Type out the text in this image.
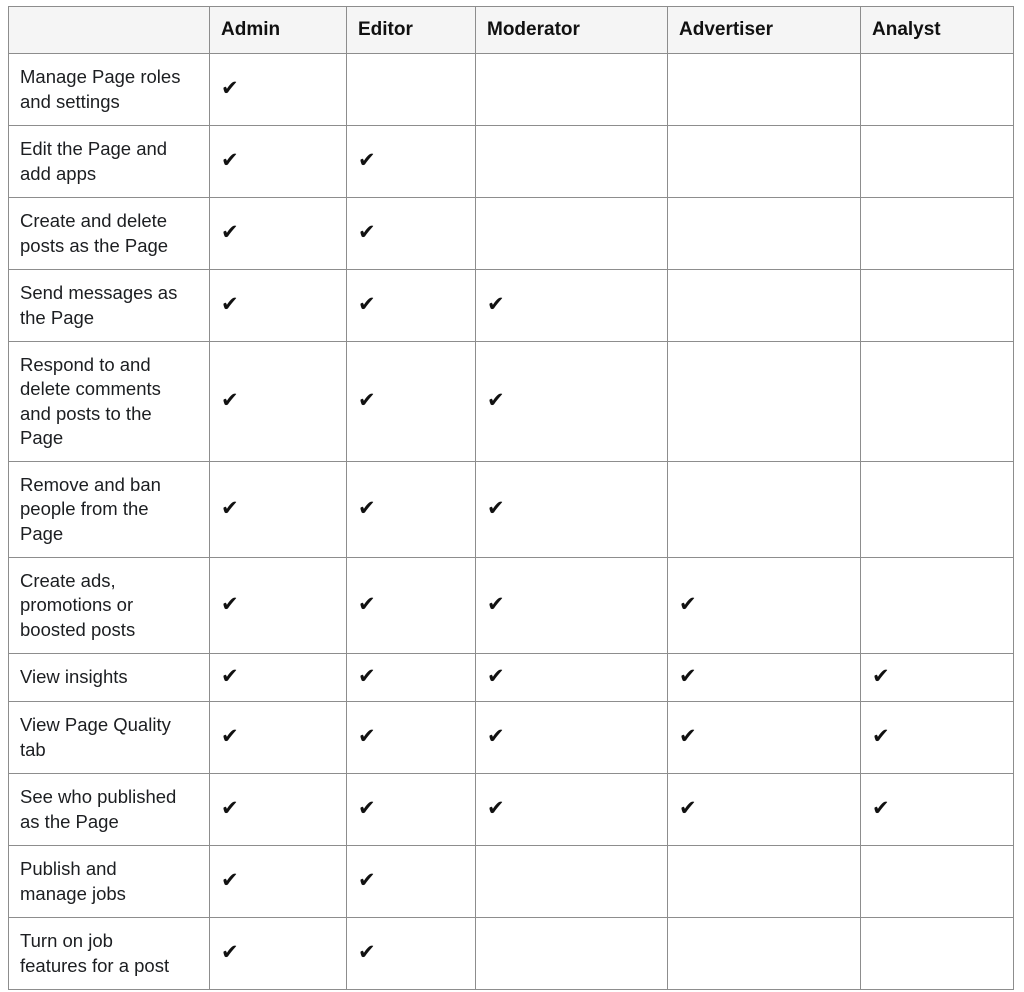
	Admin	Editor	Moderator	Advertiser	Analyst
Manage Page roles
and settings	✔				
Edit the Page and
add apps	✔	✔			
Create and delete
posts as the Page	✔	✔			
Send messages as
the Page	✔	✔	✔		
Respond to and
delete comments
and posts to the
Page	✔	✔	✔		
Remove and ban
people from the
Page	✔	✔	✔		
Create ads,
promotions or
boosted posts	✔	✔	✔	✔	
View insights	✔	✔	✔	✔	✔
View Page Quality
tab	✔	✔	✔	✔	✔
See who published
as the Page	✔	✔	✔	✔	✔
Publish and
manage jobs	✔	✔			
Turn on job
features for a post	✔	✔			
